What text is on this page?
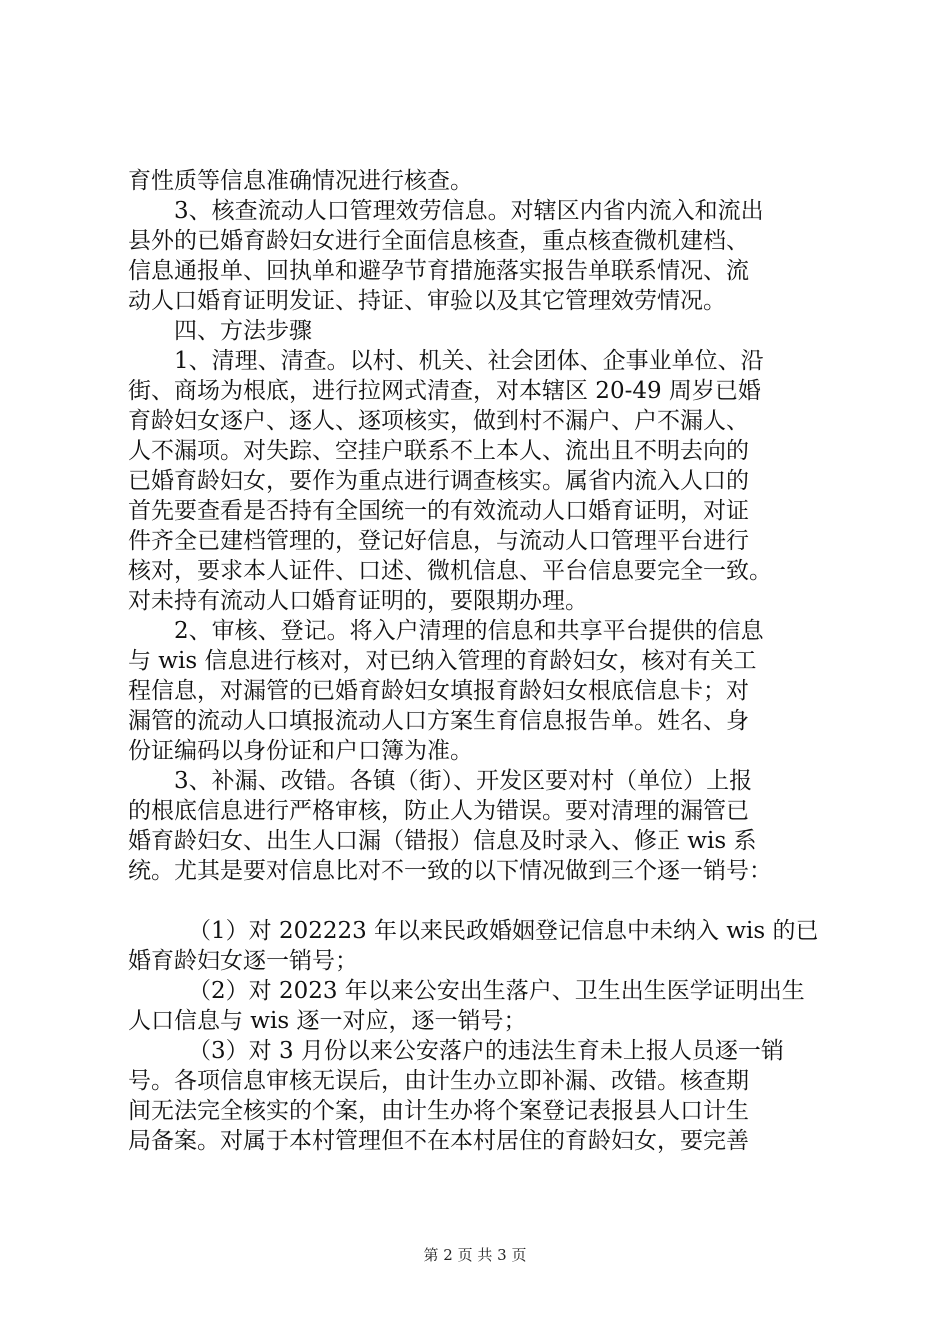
育性质等信息准确情况进行核查。
3、核查流动人口管理效劳信息。对辖区内省内流入和流出
县外的已婚育龄妇女进行全面信息核查，重点核查微机建档、
信息通报单、回执单和避孕节育措施落实报告单联系情况、流
动人口婚育证明发证、持证、审验以及其它管理效劳情况。
四、方法步骤
1、清理、清查。以村、机关、社会团体、企事业单位、沿
街、商场为根底，进行拉网式清查，对本辖区 20-49 周岁已婚
育龄妇女逐户、逐人、逐项核实，做到村不漏户、户不漏人、
人不漏项。对失踪、空挂户联系不上本人、流出且不明去向的
已婚育龄妇女，要作为重点进行调查核实。属省内流入人口的
首先要查看是否持有全国统一的有效流动人口婚育证明，对证
件齐全已建档管理的，登记好信息，与流动人口管理平台进行
核对，要求本人证件、口述、微机信息、平台信息要完全一致。
对未持有流动人口婚育证明的，要限期办理。
2、审核、登记。将入户清理的信息和共享平台提供的信息
与 wis 信息进行核对，对已纳入管理的育龄妇女，核对有关工
程信息，对漏管的已婚育龄妇女填报育龄妇女根底信息卡；对
漏管的流动人口填报流动人口方案生育信息报告单。姓名、身
份证编码以身份证和户口簿为准。
3、补漏、改错。各镇（街）、开发区要对村（单位）上报
的根底信息进行严格审核，防止人为错误。要对清理的漏管已
婚育龄妇女、出生人口漏（错报）信息及时录入、修正 wis 系
统。尤其是要对信息比对不一致的以下情况做到三个逐一销号：
（1）对 202223 年以来民政婚姻登记信息中未纳入 wis 的已
婚育龄妇女逐一销号；
（2）对 2023 年以来公安出生落户、卫生出生医学证明出生
人口信息与 wis 逐一对应，逐一销号；
（3）对 3 月份以来公安落户的违法生育未上报人员逐一销
号。各项信息审核无误后，由计生办立即补漏、改错。核查期
间无法完全核实的个案，由计生办将个案登记表报县人口计生
局备案。对属于本村管理但不在本村居住的育龄妇女，要完善
第 2 页 共 3 页
